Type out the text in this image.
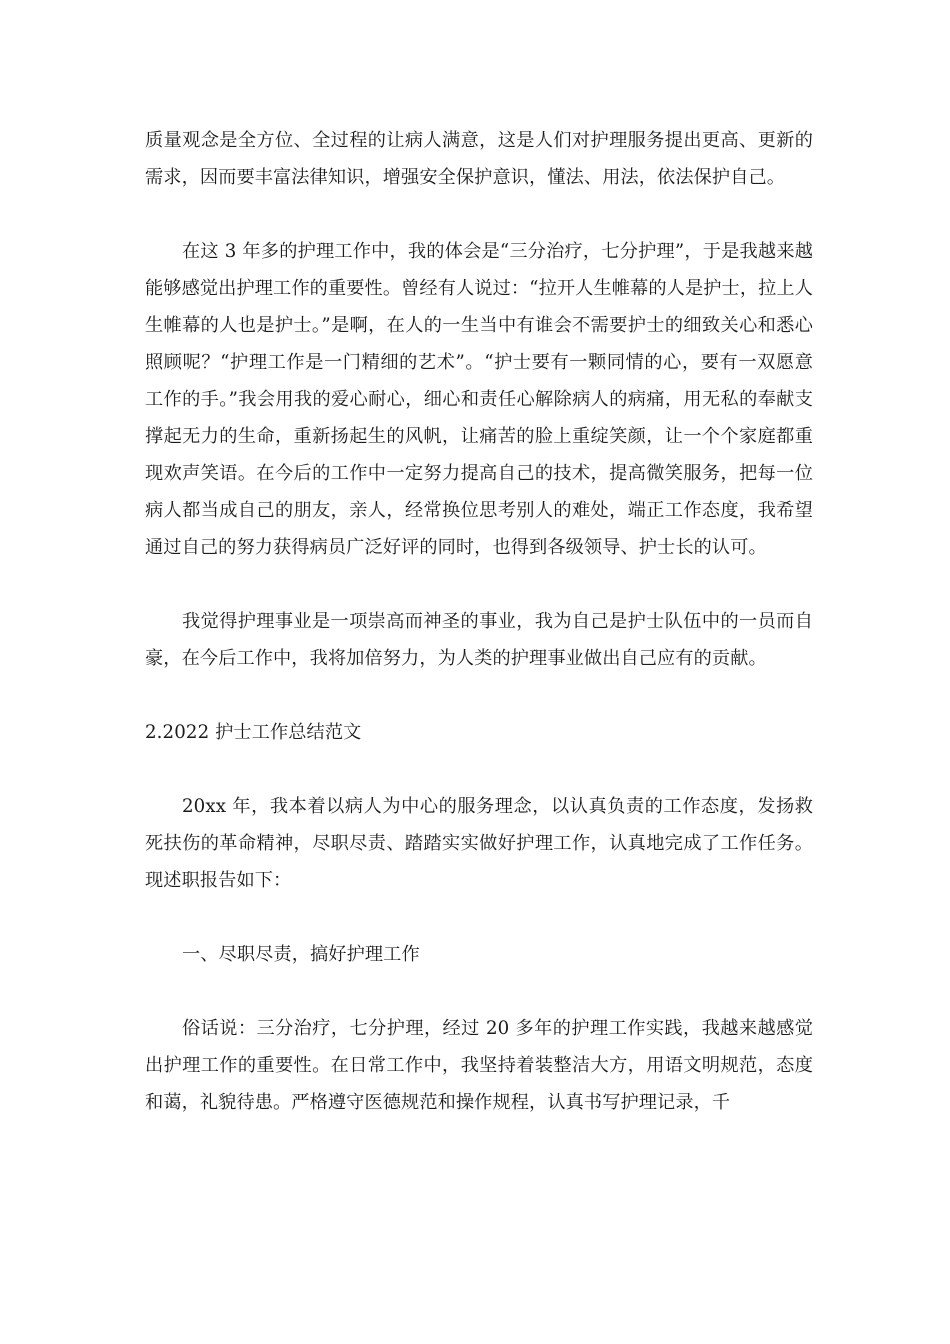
质量观念是全方位、全过程的让病人满意，这是人们对护理服务提出更高、更新的需求，因而要丰富法律知识，增强安全保护意识，懂法、用法，依法保护自己。

在这 3 年多的护理工作中，我的体会是“三分治疗，七分护理”，于是我越来越能够感觉出护理工作的重要性。曾经有人说过：“拉开人生帷幕的人是护士，拉上人生帷幕的人也是护士。”是啊，在人的一生当中有谁会不需要护士的细致关心和悉心照顾呢？“护理工作是一门精细的艺术”。“护士要有一颗同情的心，要有一双愿意工作的手。”我会用我的爱心耐心，细心和责任心解除病人的病痛，用无私的奉献支撑起无力的生命，重新扬起生的风帆，让痛苦的脸上重绽笑颜，让一个个家庭都重现欢声笑语。在今后的工作中一定努力提高自己的技术，提高微笑服务，把每一位病人都当成自己的朋友，亲人，经常换位思考别人的难处，端正工作态度，我希望通过自己的努力获得病员广泛好评的同时，也得到各级领导、护士长的认可。

我觉得护理事业是一项崇高而神圣的事业，我为自己是护士队伍中的一员而自豪，在今后工作中，我将加倍努力，为人类的护理事业做出自己应有的贡献。

2.2022 护士工作总结范文

20xx 年，我本着以病人为中心的服务理念，以认真负责的工作态度，发扬救死扶伤的革命精神，尽职尽责、踏踏实实做好护理工作，认真地完成了工作任务。现述职报告如下：

一、尽职尽责，搞好护理工作

俗话说：三分治疗，七分护理，经过 20 多年的护理工作实践，我越来越感觉出护理工作的重要性。在日常工作中，我坚持着装整洁大方，用语文明规范，态度和蔼，礼貌待患。严格遵守医德规范和操作规程，认真书写护理记录，千
